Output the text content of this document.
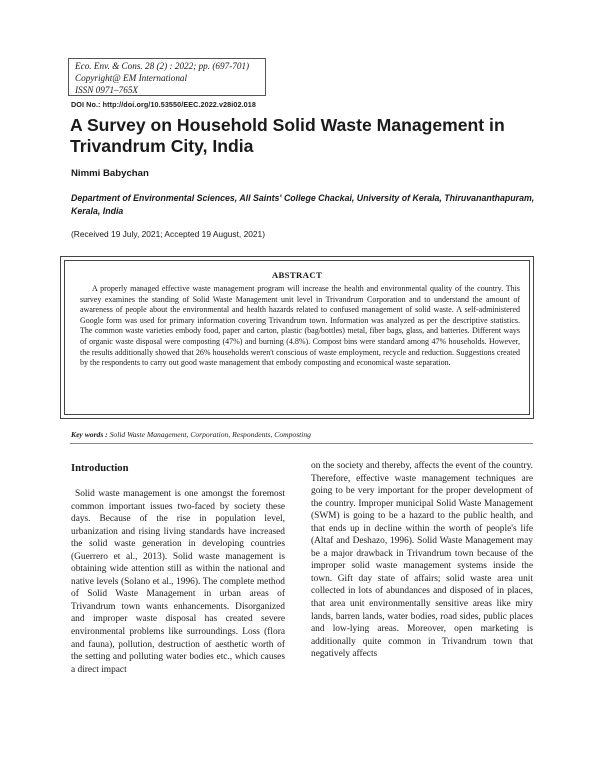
Eco. Env. & Cons. 28 (2) : 2022; pp. (697-701)
Copyright@ EM International
ISSN 0971–765X
DOI No.: http://doi.org/10.53550/EEC.2022.v28i02.018
A Survey on Household Solid Waste Management in Trivandrum City, India
Nimmi Babychan
Department of Environmental Sciences, All Saints' College Chackai, University of Kerala, Thiruvananthapuram, Kerala, India
(Received 19 July, 2021; Accepted 19 August, 2021)
ABSTRACT

A properly managed effective waste management program will increase the health and environmental quality of the country. This survey examines the standing of Solid Waste Management unit level in Trivandrum Corporation and to understand the amount of awareness of people about the environmental and health hazards related to confused management of solid waste. A self-administered Google form was used for primary information covering Trivandrum town. Information was analyzed as per the descriptive statistics. The common waste varieties embody food, paper and carton, plastic (bag/bottles) metal, fiber bags, glass, and batteries. Different ways of organic waste disposal were composting (47%) and burning (4.8%). Compost bins were standard among 47% households. However, the results additionally showed that 26% households weren't conscious of waste employment, recycle and reduction. Suggestions created by the respondents to carry out good waste management that embody composting and economical waste separation.

Key words : Solid Waste Management, Corporation, Respondents, Composting
Introduction

Solid waste management is one amongst the foremost common important issues two-faced by society these days. Because of the rise in population level, urbanization and rising living standards have increased the solid waste generation in developing countries (Guerrero et al., 2013). Solid waste management is obtaining wide attention still as within the national and native levels (Solano et al., 1996). The complete method of Solid Waste Management in urban areas of Trivandrum town wants enhancements. Disorganized and improper waste disposal has created severe environmental problems like surroundings. Loss (flora and fauna), pollution, destruction of aesthetic worth of the setting and polluting water bodies etc., which causes a direct impact

on the society and thereby, affects the event of the country. Therefore, effective waste management techniques are going to be very important for the proper development of the country. Improper municipal Solid Waste Management (SWM) is going to be a hazard to the public health, and that ends up in decline within the worth of people's life (Altaf and Deshazo, 1996). Solid Waste Management may be a major drawback in Trivandrum town because of the improper solid waste management systems inside the town. Gift day state of affairs; solid waste area unit collected in lots of abundances and disposed of in places, that area unit environmentally sensitive areas like miry lands, barren lands, water bodies, road sides, public places and low-lying areas. Moreover, open marketing is additionally quite common in Trivandrum town that negatively affects
